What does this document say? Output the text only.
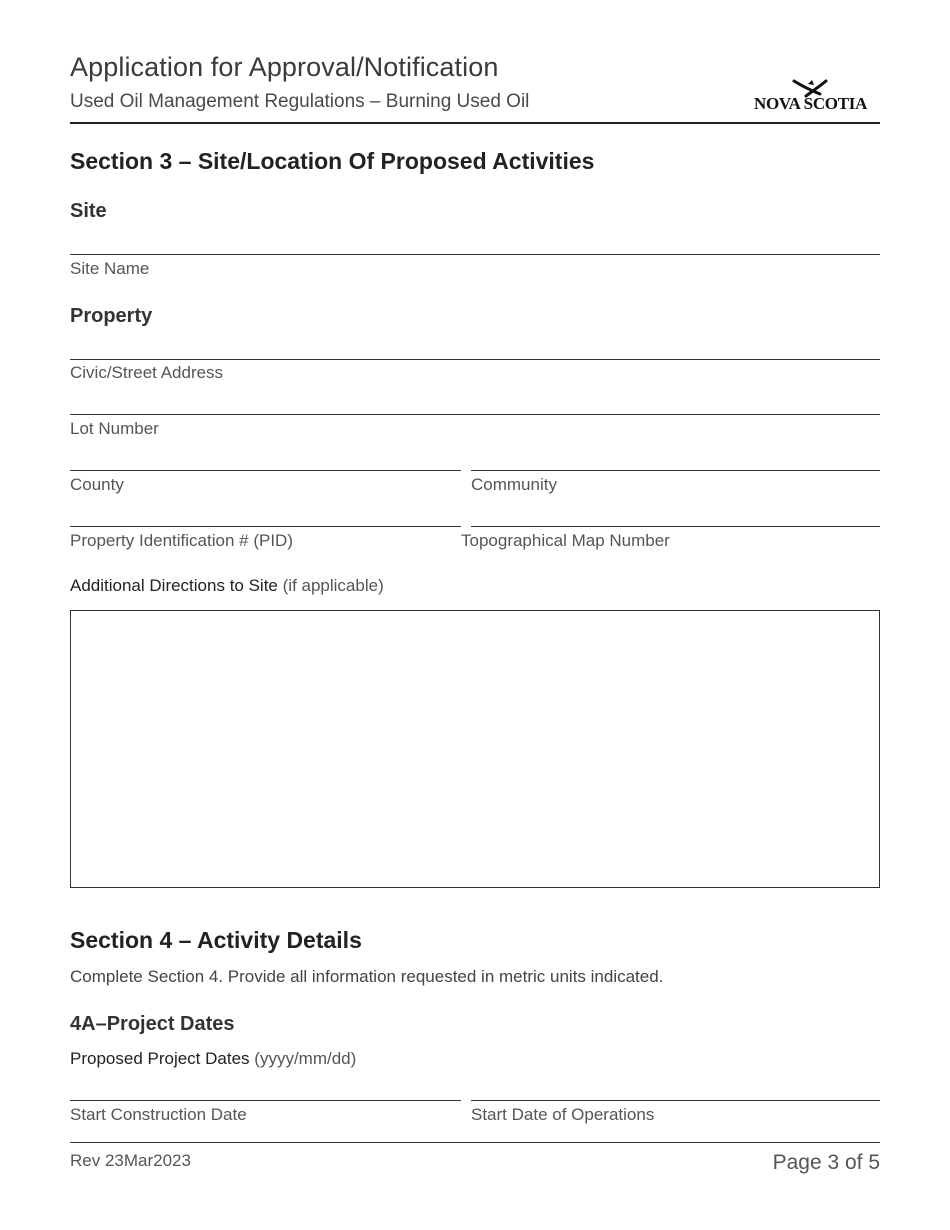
Application for Approval/Notification
Used Oil Management Regulations – Burning Used Oil	NOVA SCOTIA
Section 3 – Site/Location Of Proposed Activities
Site
Site Name
Property
Civic/Street Address
Lot Number
County	Community
Property Identification # (PID)	Topographical Map Number
Additional Directions to Site (if applicable)
Section 4 – Activity Details
Complete Section 4. Provide all information requested in metric units indicated.
4A–Project Dates
Proposed Project Dates (yyyy/mm/dd)
Start Construction Date	Start Date of Operations
Rev 23Mar2023	Page 3 of 5
